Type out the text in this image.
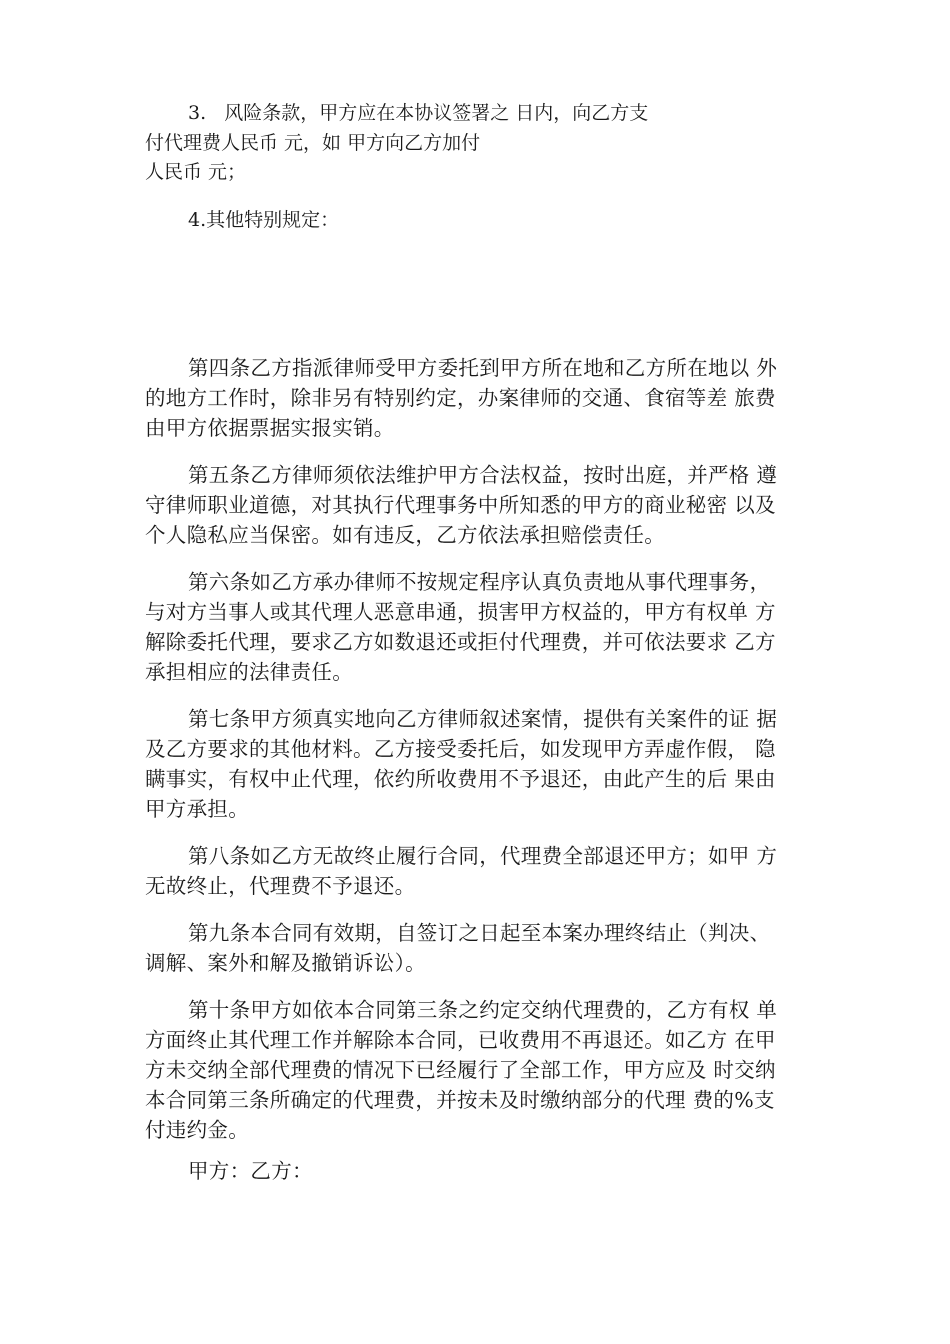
3.   风险条款，甲方应在本协议签署之 日内，向乙方支

付代理费人民币 元，如 甲方向乙方加付

人民币 元；

4.其他特别规定：

第四条乙方指派律师受甲方委托到甲方所在地和乙方所在地以 外

的地方工作时，除非另有特别约定，办案律师的交通、食宿等差 旅费

由甲方依据票据实报实销。

第五条乙方律师须依法维护甲方合法权益，按时出庭，并严格 遵

守律师职业道德，对其执行代理事务中所知悉的甲方的商业秘密 以及

个人隐私应当保密。如有违反，乙方依法承担赔偿责任。

第六条如乙方承办律师不按规定程序认真负责地从事代理事务，

与对方当事人或其代理人恶意串通，损害甲方权益的，甲方有权单 方

解除委托代理，要求乙方如数退还或拒付代理费，并可依法要求 乙方

承担相应的法律责任。

第七条甲方须真实地向乙方律师叙述案情，提供有关案件的证 据

及乙方要求的其他材料。乙方接受委托后，如发现甲方弄虚作假， 隐

瞒事实，有权中止代理，依约所收费用不予退还，由此产生的后 果由

甲方承担。

第八条如乙方无故终止履行合同，代理费全部退还甲方；如甲 方

无故终止，代理费不予退还。

第九条本合同有效期，自签订之日起至本案办理终结止（判决、

调解、案外和解及撤销诉讼）。

第十条甲方如依本合同第三条之约定交纳代理费的，乙方有权 单

方面终止其代理工作并解除本合同，已收费用不再退还。如乙方 在甲

方未交纳全部代理费的情况下已经履行了全部工作，甲方应及 时交纳

本合同第三条所确定的代理费，并按未及时缴纳部分的代理 费的%支

付违约金。

甲方：乙方：
